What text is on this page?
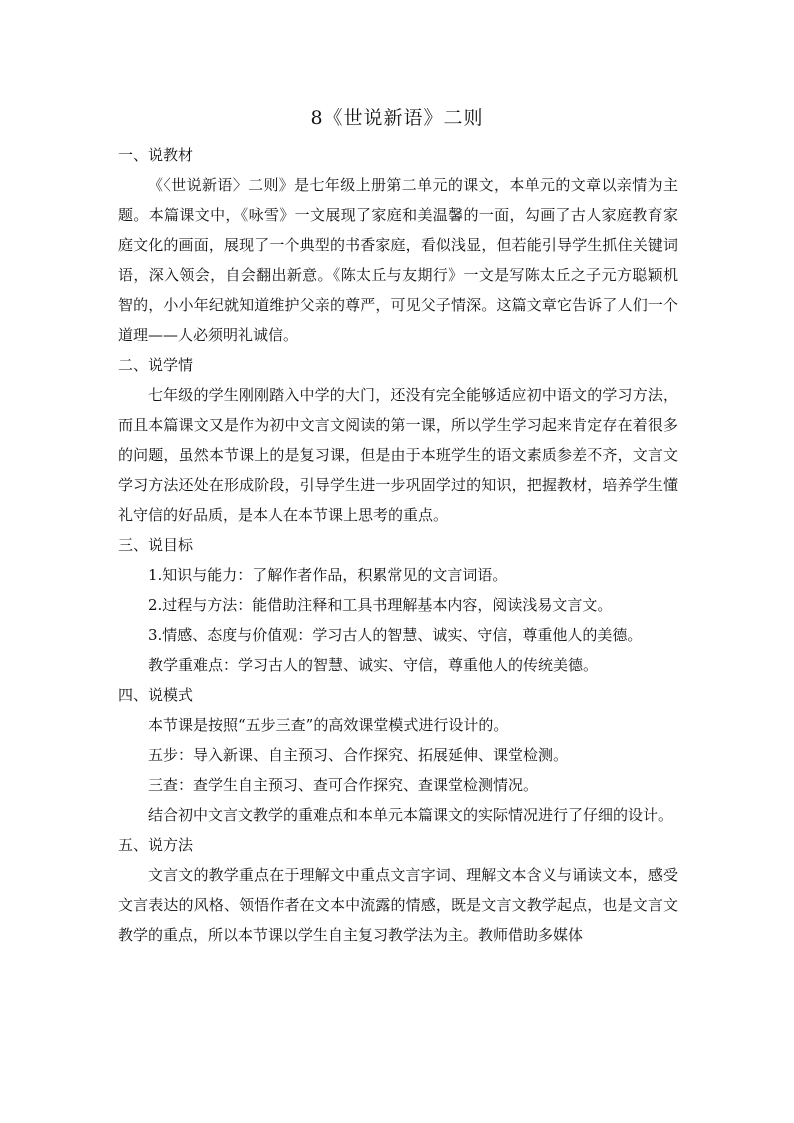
8《世说新语》二则
一、说教材

《〈世说新语〉二则》是七年级上册第二单元的课文，本单元的文章以亲情为主题。本篇课文中，《咏雪》一文展现了家庭和美温馨的一面，勾画了古人家庭教育家庭文化的画面，展现了一个典型的书香家庭，看似浅显，但若能引导学生抓住关键词语，深入领会，自会翻出新意。《陈太丘与友期行》一文是写陈太丘之子元方聪颖机智的，小小年纪就知道维护父亲的尊严，可见父子情深。这篇文章它告诉了人们一个道理——人必须明礼诚信。

二、说学情

七年级的学生刚刚踏入中学的大门，还没有完全能够适应初中语文的学习方法，而且本篇课文又是作为初中文言文阅读的第一课，所以学生学习起来肯定存在着很多的问题，虽然本节课上的是复习课，但是由于本班学生的语文素质参差不齐，文言文学习方法还处在形成阶段，引导学生进一步巩固学过的知识，把握教材，培养学生懂礼守信的好品质，是本人在本节课上思考的重点。

三、说目标
1.知识与能力：了解作者作品，积累常见的文言词语。
2.过程与方法：能借助注释和工具书理解基本内容，阅读浅易文言文。
3.情感、态度与价值观：学习古人的智慧、诚实、守信，尊重他人的美德。
教学重难点：学习古人的智慧、诚实、守信，尊重他人的传统美德。
四、说模式
本节课是按照“五步三查”的高效课堂模式进行设计的。
五步：导入新课、自主预习、合作探究、拓展延伸、课堂检测。
三查：查学生自主预习、查可合作探究、查课堂检测情况。

结合初中文言文教学的重难点和本单元本篇课文的实际情况进行了仔细的设计。

五、说方法

文言文的教学重点在于理解文中重点文言字词、理解文本含义与诵读文本，感受文言表达的风格、领悟作者在文本中流露的情感，既是文言文教学起点，也是文言文教学的重点，所以本节课以学生自主复习教学法为主。教师借助多媒体
